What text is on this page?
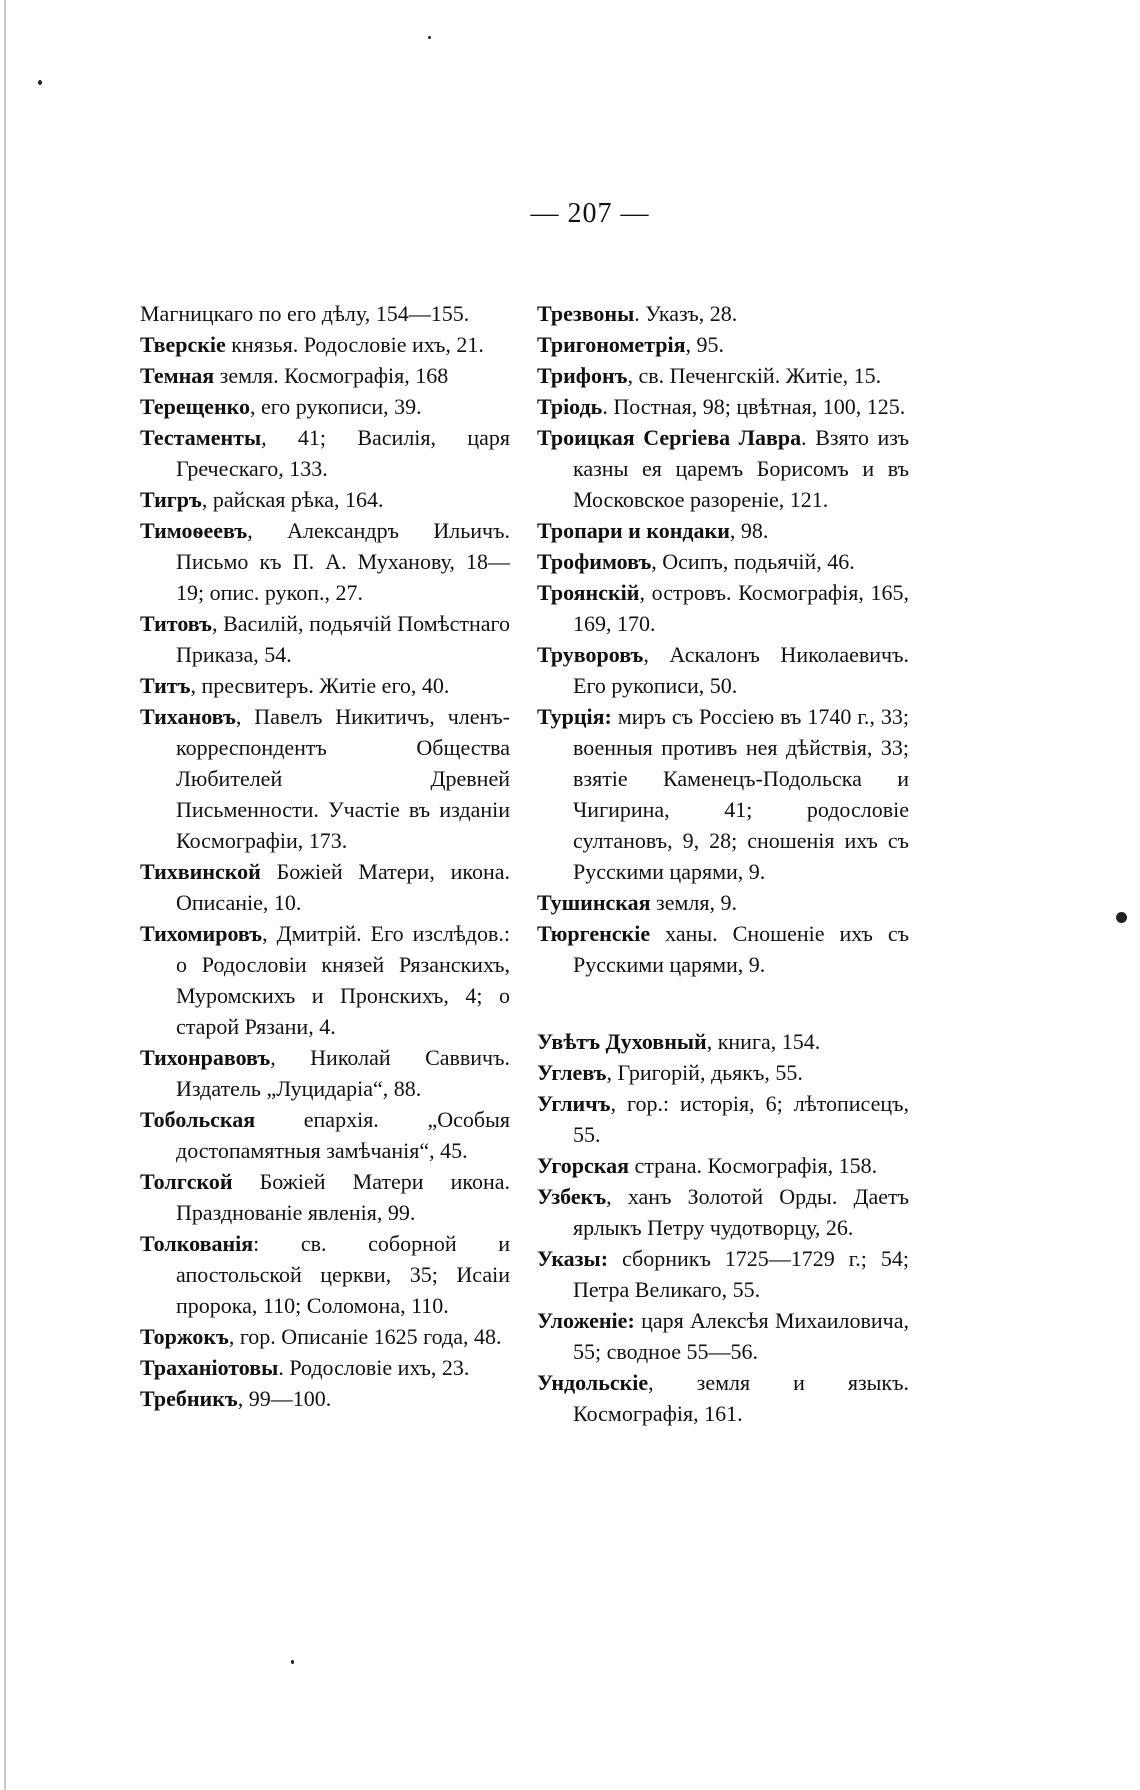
— 207 —

Магницкаго по его дѣлу, 154—155.

Тверскіе князья. Родословіе ихъ, 21.

Темная земля. Космографія, 168

Терещенко, его рукописи, 39.

Тестаменты, 41; Василія, царя Греческаго, 133.

Тигръ, райская рѣка, 164.

Тимоѳеевъ, Александръ Ильичъ. Письмо къ П. А. Муханову, 18—19; опис. рукоп., 27.

Титовъ, Василій, подьячій Помѣстнаго Приказа, 54.

Титъ, пресвитеръ. Житіе его, 40.

Тихановъ, Павелъ Никитичъ, членъ-корреспондентъ Общества Любителей Древней Письменности. Участіе въ изданіи Космографіи, 173.

Тихвинской Божіей Матери, икона. Описаніе, 10.

Тихомировъ, Дмитрій. Его изслѣдов.: о Родословіи князей Рязанскихъ, Муромскихъ и Пронскихъ, 4; о старой Рязани, 4.

Тихонравовъ, Николай Саввичъ. Издатель „Луцидаріа“, 88.

Тобольская епархія. „Особыя достопамятныя замѣчанія“, 45.

Толгской Божіей Матери икона. Празднованіе явленія, 99.

Толкованія: св. соборной и апостольской церкви, 35; Исаіи пророка, 110; Соломона, 110.

Торжокъ, гор. Описаніе 1625 года, 48.

Траханіотовы. Родословіе ихъ, 23.

Требникъ, 99—100.

Трезвоны. Указъ, 28.

Тригонометрія, 95.

Трифонъ, св. Печенгскій. Житіе, 15.

Тріодь. Постная, 98; цвѣтная, 100, 125.

Троицкая Сергіева Лавра. Взято изъ казны ея царемъ Борисомъ и въ Московское разореніе, 121.

Тропари и кондаки, 98.

Трофимовъ, Осипъ, подьячій, 46.

Троянскій, островъ. Космографія, 165, 169, 170.

Труворовъ, Аскалонъ Николаевичъ. Его рукописи, 50.

Турція: миръ съ Россіею въ 1740 г., 33; военныя противъ нея дѣйствія, 33; взятіе Каменецъ-Подольска и Чигирина, 41; родословіе султановъ, 9, 28; сношенія ихъ съ Русскими царями, 9.

Тушинская земля, 9.

Тюргенскіе ханы. Сношеніе ихъ съ Русскими царями, 9.

Увѣтъ Духовный, книга, 154.

Углевъ, Григорій, дьякъ, 55.

Угличъ, гор.: исторія, 6; лѣтописецъ, 55.

Угорская страна. Космографія, 158.

Узбекъ, ханъ Золотой Орды. Даетъ ярлыкъ Петру чудотворцу, 26.

Указы: сборникъ 1725—1729 г.; 54; Петра Великаго, 55.

Уложеніе: царя Алексѣя Михаиловича, 55; сводное 55—56.

Ундольскіе, земля и языкъ. Космографія, 161.
